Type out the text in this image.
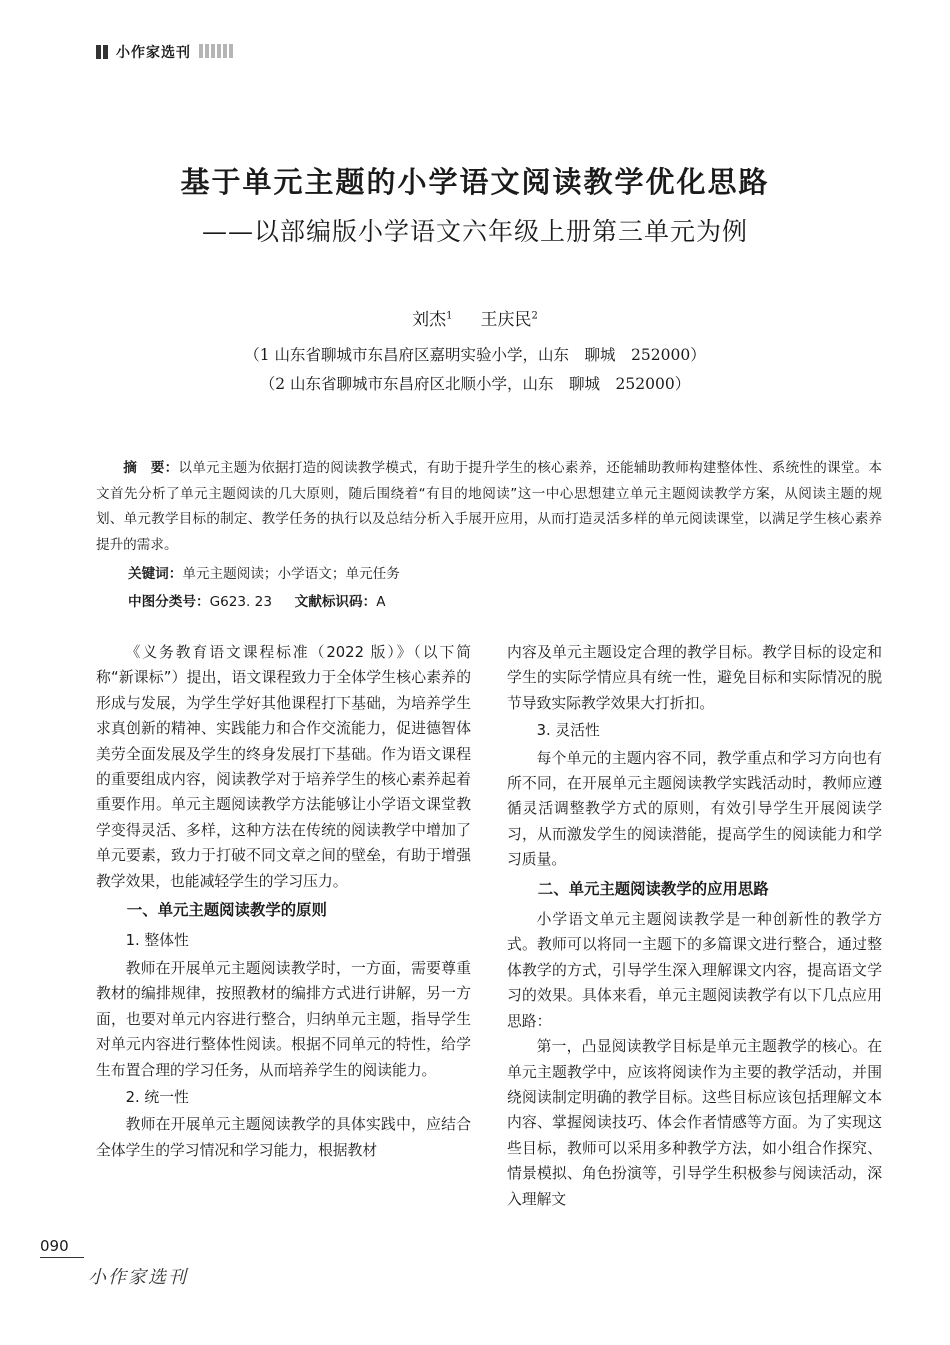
小作家选刊
基于单元主题的小学语文阅读教学优化思路
——以部编版小学语文六年级上册第三单元为例
刘杰$^1$ 王庆民$^2$
（1 山东省聊城市东昌府区嘉明实验小学，山东　聊城　252000）
（2 山东省聊城市东昌府区北顺小学，山东　聊城　252000）
摘　要：以单元主题为依据打造的阅读教学模式，有助于提升学生的核心素养，还能辅助教师构建整体性、系统性的课堂。本文首先分析了单元主题阅读的几大原则，随后围绕着“有目的地阅读”这一中心思想建立单元主题阅读教学方案，从阅读主题的规划、单元教学目标的制定、教学任务的执行以及总结分析入手展开应用，从而打造灵活多样的单元阅读课堂，以满足学生核心素养提升的需求。
关键词：单元主题阅读；小学语文；单元任务
中图分类号：G623. 23 文献标识码：A

《义务教育语文课程标准（2022 版）》（以下简称“新课标”）提出，语文课程致力于全体学生核心素养的形成与发展，为学生学好其他课程打下基础，为培养学生求真创新的精神、实践能力和合作交流能力，促进德智体美劳全面发展及学生的终身发展打下基础。作为语文课程的重要组成内容，阅读教学对于培养学生的核心素养起着重要作用。单元主题阅读教学方法能够让小学语文课堂教学变得灵活、多样，这种方法在传统的阅读教学中增加了单元要素，致力于打破不同文章之间的壁垒，有助于增强教学效果，也能减轻学生的学习压力。

一、单元主题阅读教学的原则

1. 整体性

教师在开展单元主题阅读教学时，一方面，需要尊重教材的编排规律，按照教材的编排方式进行讲解，另一方面，也要对单元内容进行整合，归纳单元主题，指导学生对单元内容进行整体性阅读。根据不同单元的特性，给学生布置合理的学习任务，从而培养学生的阅读能力。

2. 统一性

教师在开展单元主题阅读教学的具体实践中，应结合全体学生的学习情况和学习能力，根据教材

内容及单元主题设定合理的教学目标。教学目标的设定和学生的实际学情应具有统一性，避免目标和实际情况的脱节导致实际教学效果大打折扣。

3. 灵活性

每个单元的主题内容不同，教学重点和学习方向也有所不同，在开展单元主题阅读教学实践活动时，教师应遵循灵活调整教学方式的原则，有效引导学生开展阅读学习，从而激发学生的阅读潜能，提高学生的阅读能力和学习质量。

二、单元主题阅读教学的应用思路

小学语文单元主题阅读教学是一种创新性的教学方式。教师可以将同一主题下的多篇课文进行整合，通过整体教学的方式，引导学生深入理解课文内容，提高语文学习的效果。具体来看，单元主题阅读教学有以下几点应用思路：

第一，凸显阅读教学目标是单元主题教学的核心。在单元主题教学中，应该将阅读作为主要的教学活动，并围绕阅读制定明确的教学目标。这些目标应该包括理解文本内容、掌握阅读技巧、体会作者情感等方面。为了实现这些目标，教师可以采用多种教学方法，如小组合作探究、情景模拟、角色扮演等，引导学生积极参与阅读活动，深入理解文

090
小作家选刊
